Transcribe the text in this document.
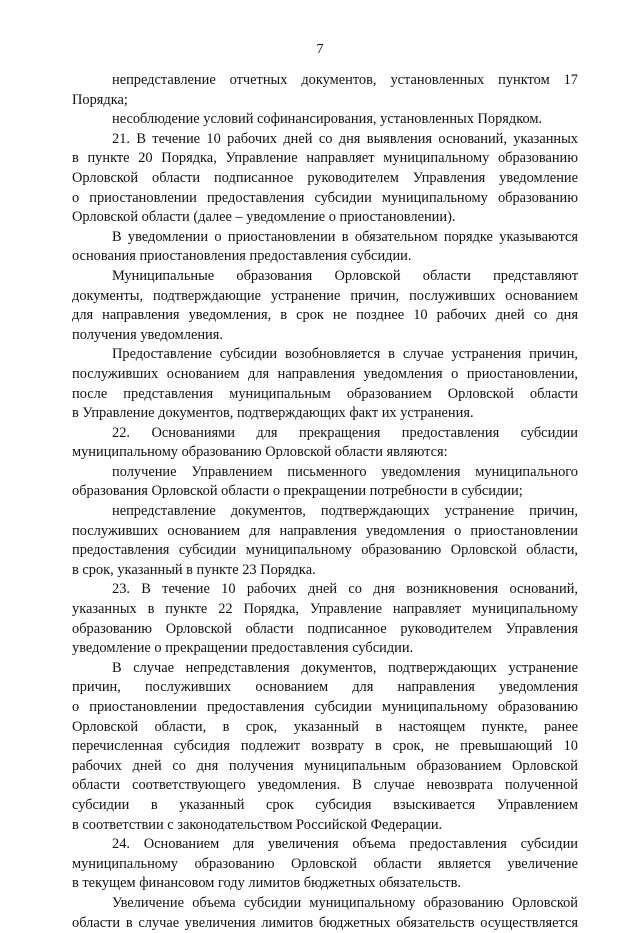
7

непредставление отчетных документов, установленных пунктом 17
Порядка;

несоблюдение условий софинансирования, установленных Порядком.

21. В течение 10 рабочих дней со дня выявления оснований, указанных
в пункте 20 Порядка, Управление направляет муниципальному образованию
Орловской области подписанное руководителем Управления уведомление
о приостановлении предоставления субсидии муниципальному образованию
Орловской области (далее – уведомление о приостановлении).

В уведомлении о приостановлении в обязательном порядке указываются
основания приостановления предоставления субсидии.

Муниципальные образования Орловской области представляют
документы, подтверждающие устранение причин, послуживших основанием
для направления уведомления, в срок не позднее 10 рабочих дней со дня
получения уведомления.

Предоставление субсидии возобновляется в случае устранения причин,
послуживших основанием для направления уведомления о приостановлении,
после представления муниципальным образованием Орловской области
в Управление документов, подтверждающих факт их устранения.

22. Основаниями для прекращения предоставления субсидии
муниципальному образованию Орловской области являются:

получение Управлением письменного уведомления муниципального
образования Орловской области о прекращении потребности в субсидии;

непредставление документов, подтверждающих устранение причин,
послуживших основанием для направления уведомления о приостановлении
предоставления субсидии муниципальному образованию Орловской области,
в срок, указанный в пункте 23 Порядка.

23. В течение 10 рабочих дней со дня возникновения оснований,
указанных в пункте 22 Порядка, Управление направляет муниципальному
образованию Орловской области подписанное руководителем Управления
уведомление о прекращении предоставления субсидии.

В случае непредставления документов, подтверждающих устранение
причин, послуживших основанием для направления уведомления
о приостановлении предоставления субсидии муниципальному образованию
Орловской области, в срок, указанный в настоящем пункте, ранее
перечисленная субсидия подлежит возврату в срок, не превышающий 10
рабочих дней со дня получения муниципальным образованием Орловской
области соответствующего уведомления. В случае невозврата полученной
субсидии в указанный срок субсидия взыскивается Управлением
в соответствии с законодательством Российской Федерации.

24. Основанием для увеличения объема предоставления субсидии
муниципальному образованию Орловской области является увеличение
в текущем финансовом году лимитов бюджетных обязательств.

Увеличение объема субсидии муниципальному образованию Орловской
области в случае увеличения лимитов бюджетных обязательств осуществляется
